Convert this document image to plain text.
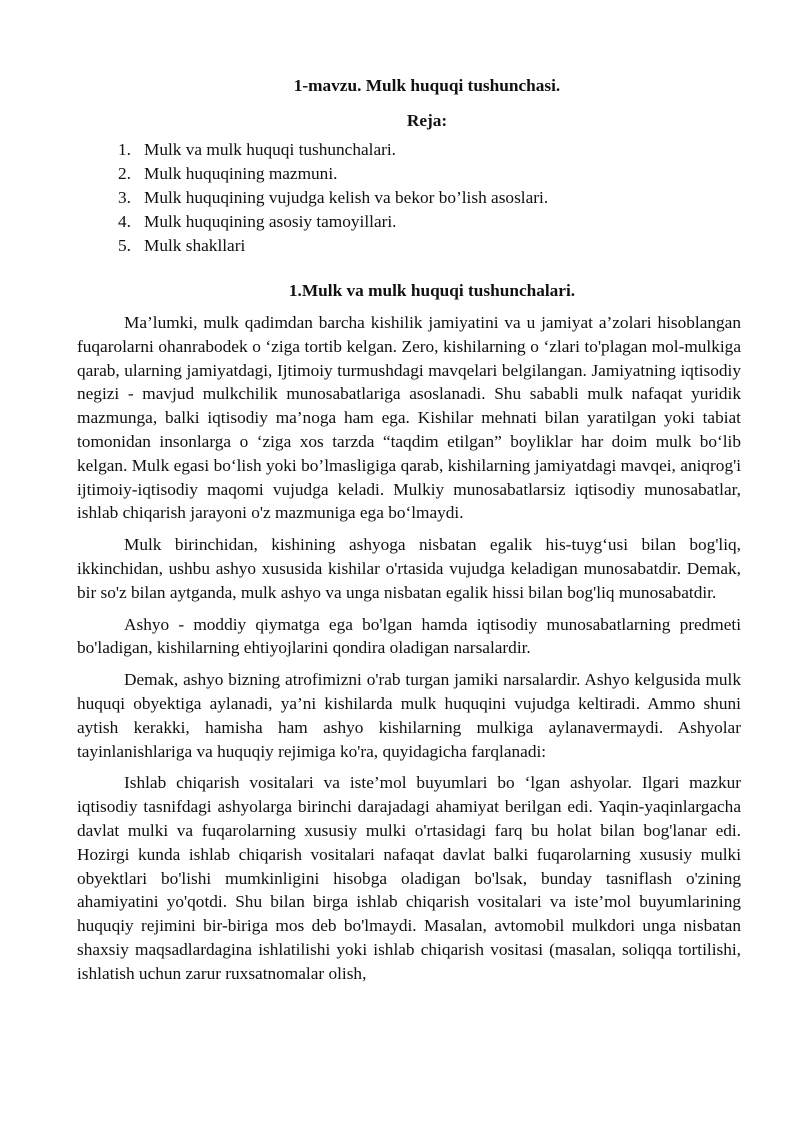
1-mavzu. Mulk huquqi tushunchasi.
Reja:
1. Mulk va mulk huquqi tushunchalari.
2. Mulk huquqining mazmuni.
3. Mulk huquqining vujudga kelish va bekor bo’lish asoslari.
4. Mulk huquqining asosiy tamoyillari.
5. Mulk shakllari
1.Mulk va mulk huquqi tushunchalari.

Ma’lumki, mulk qadimdan barcha kishilik jamiyatini va u jamiyat a’zolari hisoblangan fuqarolarni ohanrabodek o ‘ziga tortib kelgan. Zero, kishilarning o ‘zlari to'plagan mol-mulkiga qarab, ularning jamiyatdagi, Ijtimoiy turmushdagi mavqelari belgilangan. Jamiyatning iqtisodiy negizi - mavjud mulkchilik munosabatlariga asoslanadi. Shu sababli mulk nafaqat yuridik mazmunga, balki iqtisodiy ma’noga ham ega. Kishilar mehnati bilan yaratilgan yoki tabiat tomonidan insonlarga o ‘ziga xos tarzda “taqdim etilgan” boyliklar har doim mulk bo‘lib kelgan. Mulk egasi bo‘lish yoki bo’lmasligiga qarab, kishilarning jamiyatdagi mavqei, aniqrog'i ijtimoiy-iqtisodiy maqomi vujudga keladi. Mulkiy munosabatlarsiz iqtisodiy munosabatlar, ishlab chiqarish jarayoni o'z mazmuniga ega bo‘lmaydi.

Mulk birinchidan, kishining ashyoga nisbatan egalik his-tuyg‘usi bilan bog'liq, ikkinchidan, ushbu ashyo xususida kishilar o'rtasida vujudga keladigan munosabatdir. Demak, bir so'z bilan aytganda, mulk ashyo va unga nisbatan egalik hissi bilan bog'liq munosabatdir.

Ashyo - moddiy qiymatga ega bo'lgan hamda iqtisodiy munosabatlarning predmeti bo'ladigan, kishilarning ehtiyojlarini qondira oladigan narsalardir.

Demak, ashyo bizning atrofimizni o'rab turgan jamiki narsalardir. Ashyo kelgusida mulk huquqi obyektiga aylanadi, ya’ni kishilarda mulk huquqini vujudga keltiradi. Ammo shuni aytish kerakki, hamisha ham ashyo kishilarning mulkiga aylanavermaydi. Ashyolar tayinlanishlariga va huquqiy rejimiga ko'ra, quyidagicha farqlanadi:

Ishlab chiqarish vositalari va iste’mol buyumlari bo ‘lgan ashyolar. Ilgari mazkur iqtisodiy tasnifdagi ashyolarga birinchi darajadagi ahamiyat berilgan edi. Yaqin-yaqinlargacha davlat mulki va fuqarolarning xususiy mulki o'rtasidagi farq bu holat bilan bog'lanar edi. Hozirgi kunda ishlab chiqarish vositalari nafaqat davlat balki fuqarolarning xususiy mulki obyektlari bo'lishi mumkinligini hisobga oladigan bo'lsak, bunday tasniflash o'zining ahamiyatini yo'qotdi. Shu bilan birga ishlab chiqarish vositalari va iste’mol buyumlarining huquqiy rejimini bir-biriga mos deb bo'lmaydi. Masalan, avtomobil mulkdori unga nisbatan shaxsiy maqsadlardagina ishlatilishi yoki ishlab chiqarish vositasi (masalan, soliqqa tortilishi, ishlatish uchun zarur ruxsatnomalar olish,
